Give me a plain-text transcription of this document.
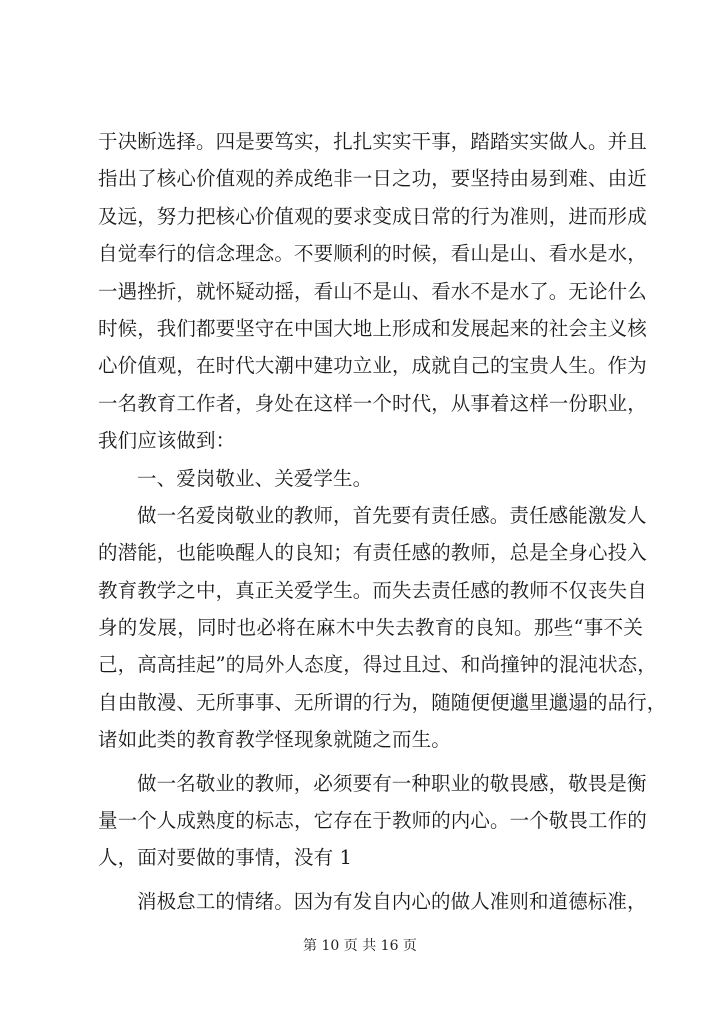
于决断选择。四是要笃实，扎扎实实干事，踏踏实实做人。并且
指出了核心价值观的养成绝非一日之功，要坚持由易到难、由近
及远，努力把核心价值观的要求变成日常的行为准则，进而形成
自觉奉行的信念理念。不要顺利的时候，看山是山、看水是水，
一遇挫折，就怀疑动摇，看山不是山、看水不是水了。无论什么
时候，我们都要坚守在中国大地上形成和发展起来的社会主义核
心价值观，在时代大潮中建功立业，成就自己的宝贵人生。作为
一名教育工作者，身处在这样一个时代，从事着这样一份职业，
我们应该做到：
一、爱岗敬业、关爱学生。
做一名爱岗敬业的教师，首先要有责任感。责任感能激发人
的潜能，也能唤醒人的良知；有责任感的教师，总是全身心投入
教育教学之中，真正关爱学生。而失去责任感的教师不仅丧失自
身的发展，同时也必将在麻木中失去教育的良知。那些“事不关
己，高高挂起”的局外人态度，得过且过、和尚撞钟的混沌状态，
自由散漫、无所事事、无所谓的行为，随随便便邋里邋遢的品行，
诸如此类的教育教学怪现象就随之而生。
做一名敬业的教师，必须要有一种职业的敬畏感，敬畏是衡
量一个人成熟度的标志，它存在于教师的内心。一个敬畏工作的
人，面对要做的事情，没有 1
消极怠工的情绪。因为有发自内心的做人准则和道德标准，
第 10 页 共 16 页
